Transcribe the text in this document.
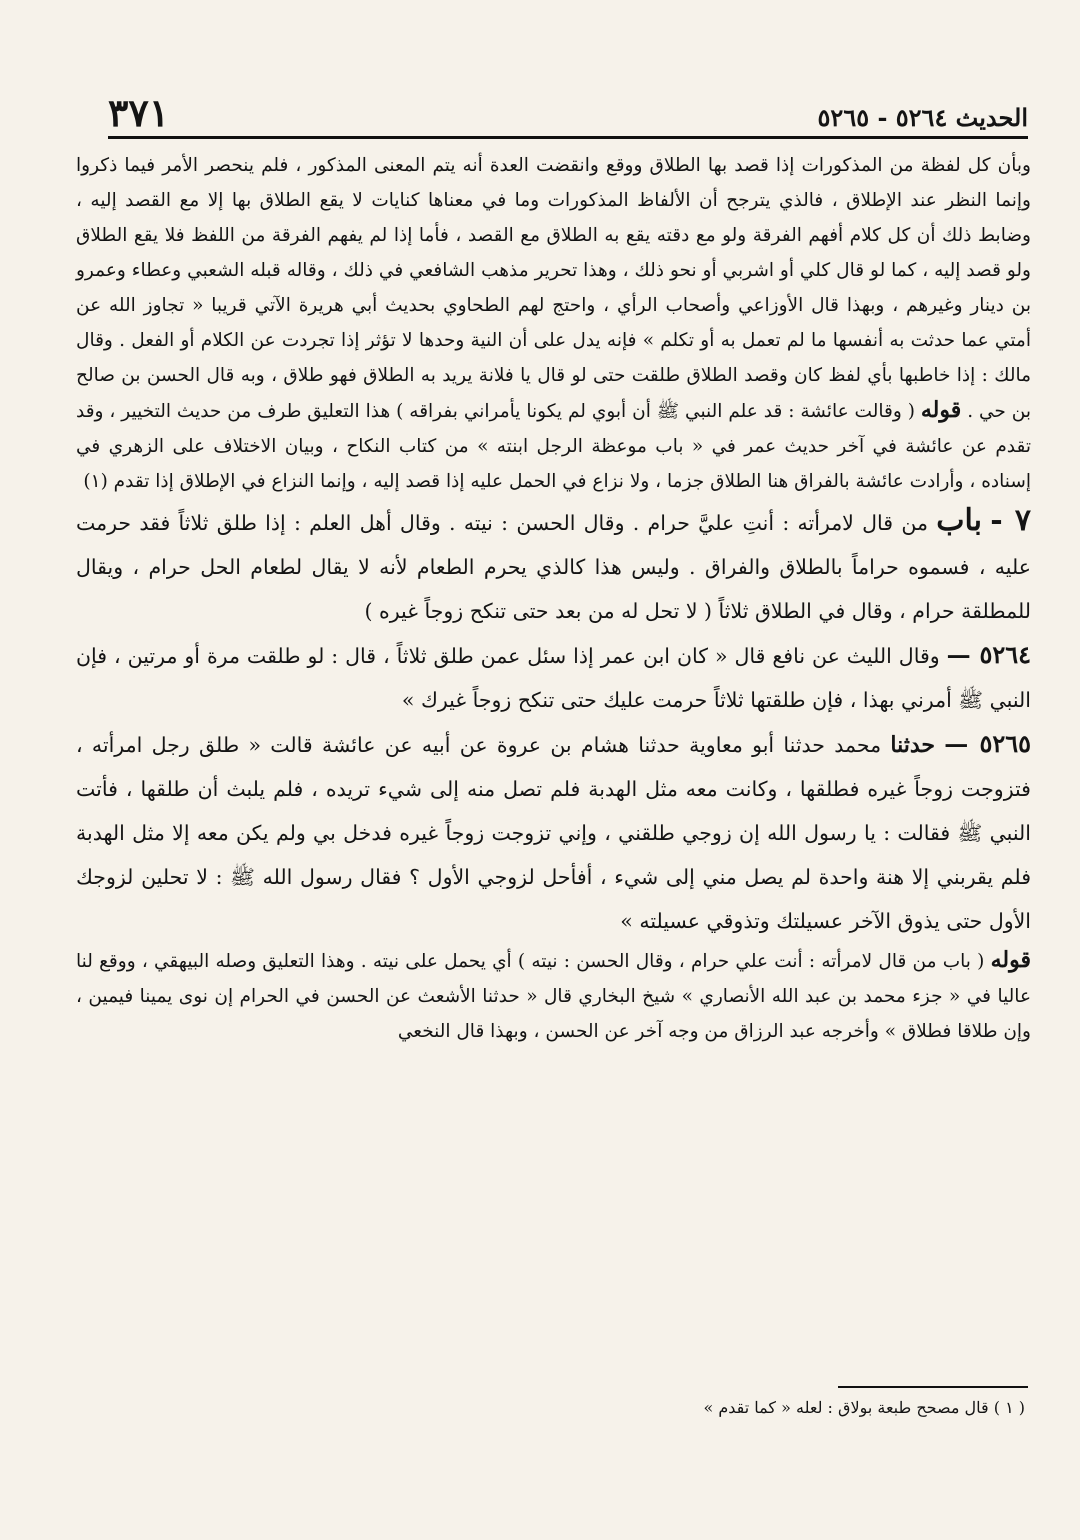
الحديث ٥٢٦٤ - ٥٢٦٥
٣٧١

وبأن كل لفظة من المذكورات إذا قصد بها الطلاق ووقع وانقضت العدة أنه يتم المعنى المذكور ، فلم ينحصر الأمر فيما ذكروا وإنما النظر عند الإطلاق ، فالذي يترجح أن الألفاظ المذكورات وما في معناها كنايات لا يقع الطلاق بها إلا مع القصد إليه ، وضابط ذلك أن كل كلام أفهم الفرقة ولو مع دقته يقع به الطلاق مع القصد ، فأما إذا لم يفهم الفرقة من اللفظ فلا يقع الطلاق ولو قصد إليه ، كما لو قال كلي أو اشربي أو نحو ذلك ، وهذا تحرير مذهب الشافعي في ذلك ، وقاله قبله الشعبي وعطاء وعمرو بن دينار وغيرهم ، وبهذا قال الأوزاعي وأصحاب الرأي ، واحتج لهم الطحاوي بحديث أبي هريرة الآتي قريبا « تجاوز الله عن أمتي عما حدثت به أنفسها ما لم تعمل به أو تكلم » فإنه يدل على أن النية وحدها لا تؤثر إذا تجردت عن الكلام أو الفعل . وقال مالك : إذا خاطبها بأي لفظ كان وقصد الطلاق طلقت حتى لو قال يا فلانة يريد به الطلاق فهو طلاق ، وبه قال الحسن بن صالح بن حي . قوله ( وقالت عائشة : قد علم النبي ﷺ أن أبوي لم يكونا يأمراني بفراقه ) هذا التعليق طرف من حديث التخيير ، وقد تقدم عن عائشة في آخر حديث عمر في « باب موعظة الرجل ابنته » من كتاب النكاح ، وبيان الاختلاف على الزهري في إسناده ، وأرادت عائشة بالفراق هنا الطلاق جزما ، ولا نزاع في الحمل عليه إذا قصد إليه ، وإنما النزاع في الإطلاق إذا تقدم (١)

٧ - باب من قال لامرأته : أنتِ عليَّ حرام . وقال الحسن : نيته . وقال أهل العلم : إذا طلق ثلاثاً فقد حرمت عليه ، فسموه حراماً بالطلاق والفراق . وليس هذا كالذي يحرم الطعام لأنه لا يقال لطعام الحل حرام ، ويقال للمطلقة حرام ، وقال في الطلاق ثلاثاً ( لا تحل له من بعد حتى تنكح زوجاً غيره )

٥٢٦٤ — وقال الليث عن نافع قال « كان ابن عمر إذا سئل عمن طلق ثلاثاً ، قال : لو طلقت مرة أو مرتين ، فإن النبي ﷺ أمرني بهذا ، فإن طلقتها ثلاثاً حرمت عليك حتى تنكح زوجاً غيرك »

٥٢٦٥ — حدثنا محمد حدثنا أبو معاوية حدثنا هشام بن عروة عن أبيه عن عائشة قالت « طلق رجل امرأته ، فتزوجت زوجاً غيره فطلقها ، وكانت معه مثل الهدبة فلم تصل منه إلى شيء تريده ، فلم يلبث أن طلقها ، فأتت النبي ﷺ فقالت : يا رسول الله إن زوجي طلقني ، وإني تزوجت زوجاً غيره فدخل بي ولم يكن معه إلا مثل الهدبة فلم يقربني إلا هنة واحدة لم يصل مني إلى شيء ، أفأحل لزوجي الأول ؟ فقال رسول الله ﷺ : لا تحلين لزوجك الأول حتى يذوق الآخر عسيلتك وتذوقي عسيلته »

قوله ( باب من قال لامرأته : أنت علي حرام ، وقال الحسن : نيته ) أي يحمل على نيته . وهذا التعليق وصله البيهقي ، ووقع لنا عاليا في « جزء محمد بن عبد الله الأنصاري » شيخ البخاري قال « حدثنا الأشعث عن الحسن في الحرام إن نوى يمينا فيمين ، وإن طلاقا فطلاق » وأخرجه عبد الرزاق من وجه آخر عن الحسن ، وبهذا قال النخعي

( ١ ) قال مصحح طبعة بولاق : لعله « كما تقدم »
